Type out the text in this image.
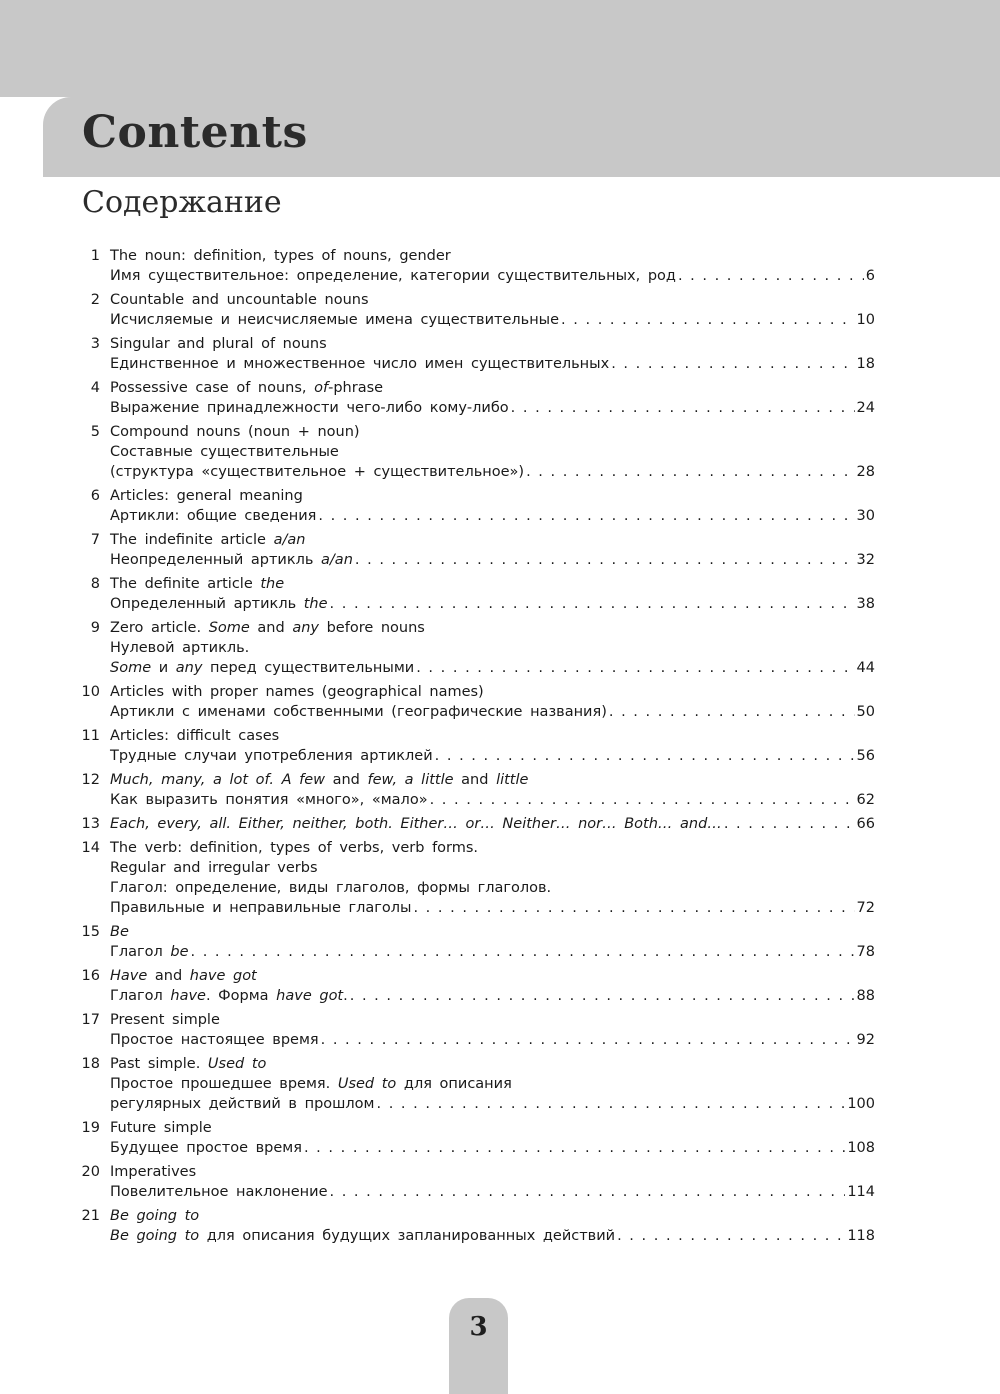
Contents
Содержание
1 The noun: definition, types of nouns, gender
Имя существительное: определение, категории существительных, род . . .	6
2 Countable and uncountable nouns
Исчисляемые и неисчисляемые имена существительные . . .	10
3 Singular and plural of nouns
Единственное и множественное число имен существительных . . .	18
4 Possessive case of nouns, of-phrase
Выражение принадлежности чего-либо кому-либо . . .	24
5 Compound nouns (noun + noun)
Составные существительные
(структура «существительное + существительное») . . .	28
6 Articles: general meaning
Артикли: общие сведения . . .	30
7 The indefinite article a/an
Неопределенный артикль a/an . . .	32
8 The definite article the
Определенный артикль the . . .	38
9 Zero article. Some and any before nouns
Нулевой артикль.
Some и any перед существительными . . .	44
10 Articles with proper names (geographical names)
Артикли с именами собственными (географические названия) . . .	50
11 Articles: difficult cases
Трудные случаи употребления артиклей . . .	56
12 Much, many, a lot of. A few and few, a little and little
Как выразить понятия «много», «мало» . . .	62
13 Each, every, all. Either, neither, both. Either… or… Neither… nor… Both… and… . . .	66
14 The verb: definition, types of verbs, verb forms.
Regular and irregular verbs
Глагол: определение, виды глаголов, формы глаголов.
Правильные и неправильные глаголы . . .	72
15 Be
Глагол be . . .	78
16 Have and have got
Глагол have. Форма have got. . . .	88
17 Present simple
Простое настоящее время . . .	92
18 Past simple. Used to
Простое прошедшее время. Used to для описания
регулярных действий в прошлом . . .	100
19 Future simple
Будущее простое время . . .	108
20 Imperatives
Повелительное наклонение . . .	114
21 Be going to
Be going to для описания будущих запланированных действий . . .	118
3
